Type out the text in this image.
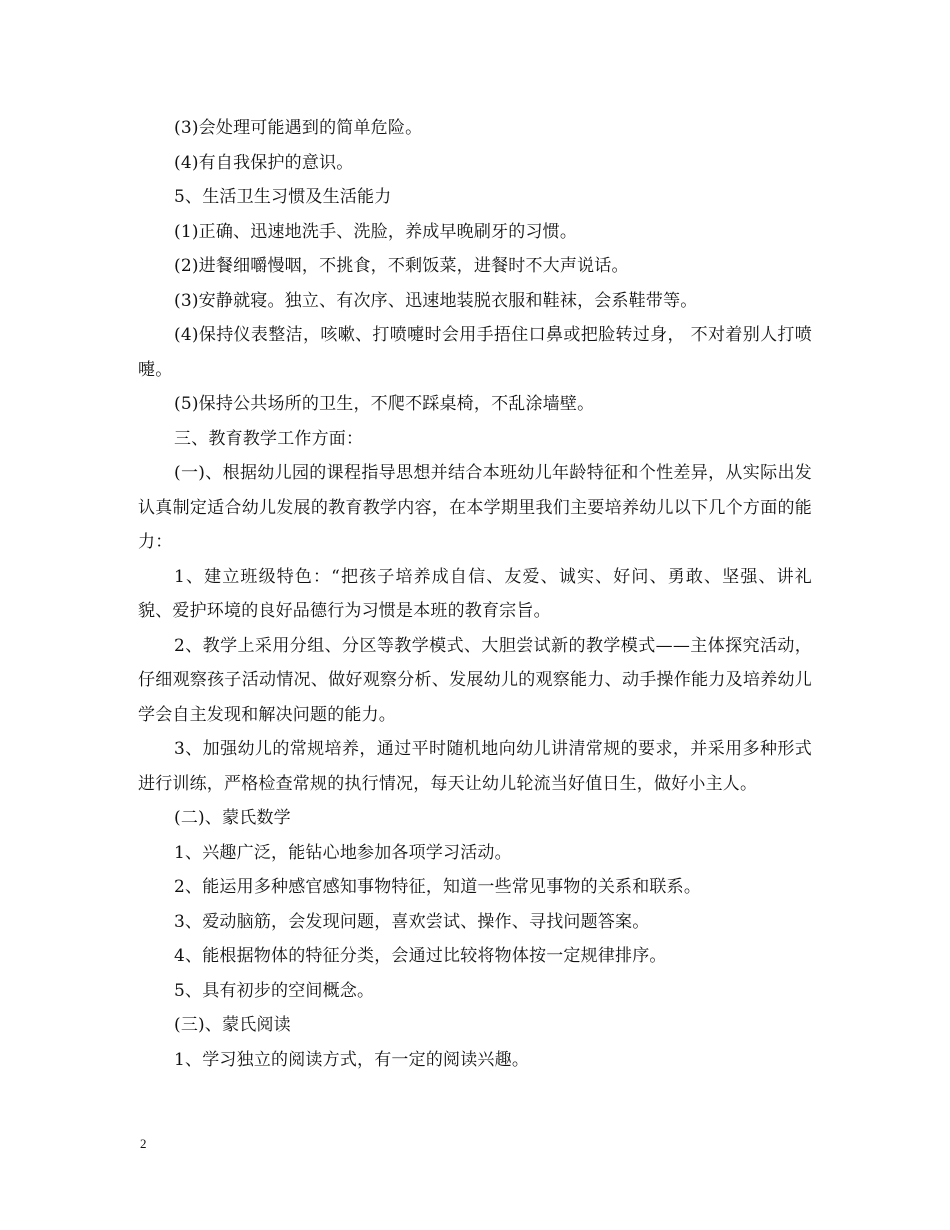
(3)会处理可能遇到的简单危险。

(4)有自我保护的意识。

5、生活卫生习惯及生活能力

(1)正确、迅速地洗手、洗脸，养成早晚刷牙的习惯。

(2)进餐细嚼慢咽，不挑食，不剩饭菜，进餐时不大声说话。

(3)安静就寝。独立、有次序、迅速地装脱衣服和鞋袜，会系鞋带等。

(4)保持仪表整洁，咳嗽、打喷嚏时会用手捂住口鼻或把脸转过身， 不对着别人打喷嚏。

(5)保持公共场所的卫生，不爬不踩桌椅，不乱涂墙壁。

三、教育教学工作方面：

(一)、根据幼儿园的课程指导思想并结合本班幼儿年龄特征和个性差异，从实际出发认真制定适合幼儿发展的教育教学内容，在本学期里我们主要培养幼儿以下几个方面的能力：

1、建立班级特色：“把孩子培养成自信、友爱、诚实、好问、勇敢、坚强、讲礼貌、爱护环境的良好品德行为习惯是本班的教育宗旨。

2、教学上采用分组、分区等教学模式、大胆尝试新的教学模式——主体探究活动，仔细观察孩子活动情况、做好观察分析、发展幼儿的观察能力、动手操作能力及培养幼儿学会自主发现和解决问题的能力。

3、加强幼儿的常规培养，通过平时随机地向幼儿讲清常规的要求，并采用多种形式进行训练，严格检查常规的执行情况，每天让幼儿轮流当好值日生，做好小主人。

(二)、蒙氏数学

1、兴趣广泛，能钻心地参加各项学习活动。

2、能运用多种感官感知事物特征，知道一些常见事物的关系和联系。

3、爱动脑筋，会发现问题，喜欢尝试、操作、寻找问题答案。

4、能根据物体的特征分类，会通过比较将物体按一定规律排序。

5、具有初步的空间概念。

(三)、蒙氏阅读

1、学习独立的阅读方式，有一定的阅读兴趣。

2
